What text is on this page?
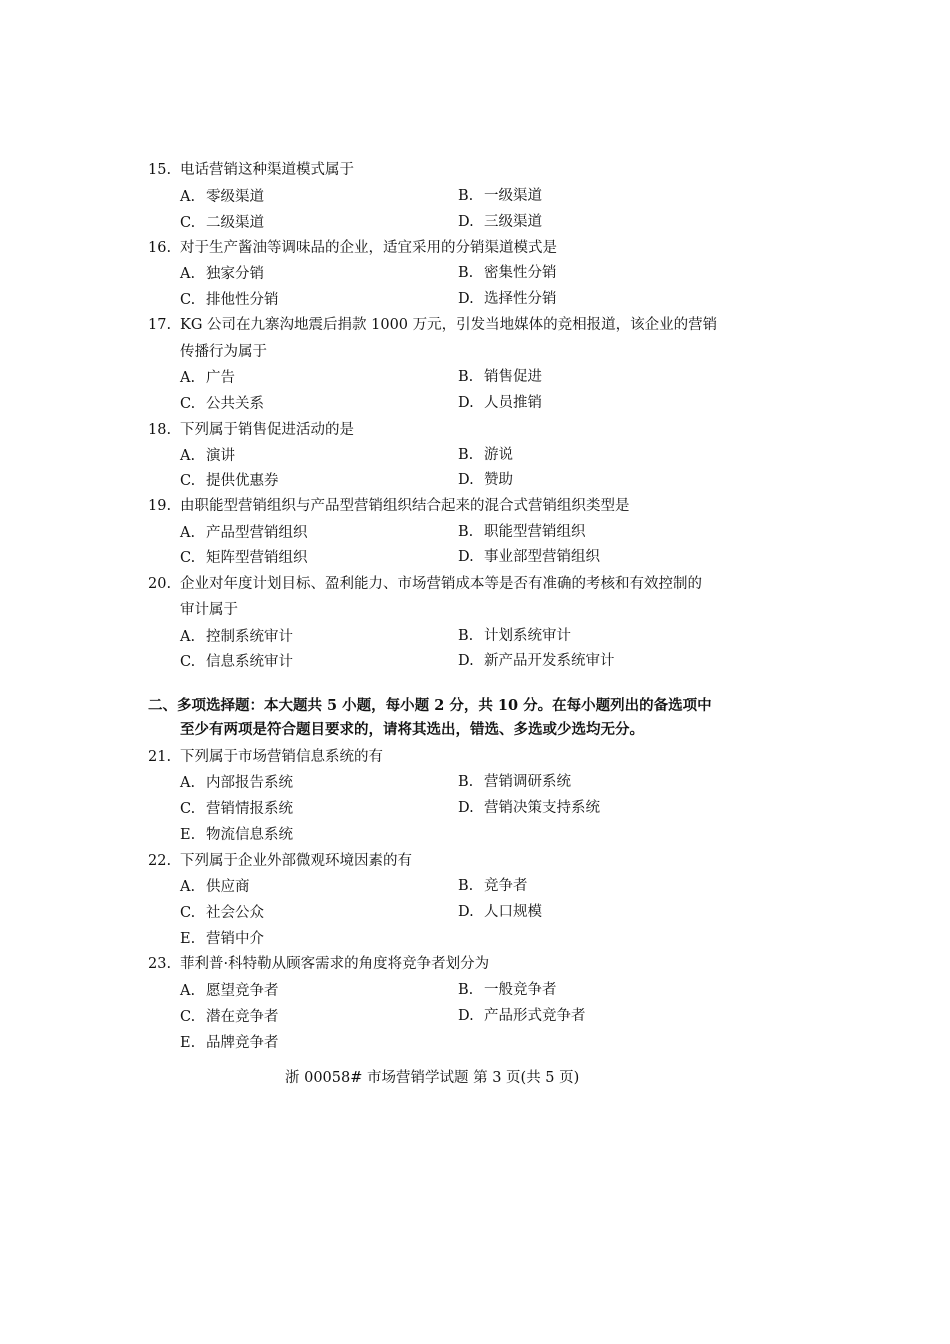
15. 电话营销这种渠道模式属于
A. 零级渠道	B. 一级渠道
C. 二级渠道	D. 三级渠道
16. 对于生产酱油等调味品的企业，适宜采用的分销渠道模式是
A. 独家分销	B. 密集性分销
C. 排他性分销	D. 选择性分销
17. KG 公司在九寨沟地震后捐款 1000 万元，引发当地媒体的竞相报道，该企业的营销
传播行为属于
A. 广告	B. 销售促进
C. 公共关系	D. 人员推销
18. 下列属于销售促进活动的是
A. 演讲	B. 游说
C. 提供优惠券	D. 赞助
19. 由职能型营销组织与产品型营销组织结合起来的混合式营销组织类型是
A. 产品型营销组织	B. 职能型营销组织
C. 矩阵型营销组织	D. 事业部型营销组织
20. 企业对年度计划目标、盈利能力、市场营销成本等是否有准确的考核和有效控制的
审计属于
A. 控制系统审计	B. 计划系统审计
C. 信息系统审计	D. 新产品开发系统审计
二、多项选择题：本大题共 5 小题，每小题 2 分，共 10 分。在每小题列出的备选项中
至少有两项是符合题目要求的，请将其选出，错选、多选或少选均无分。
21. 下列属于市场营销信息系统的有
A. 内部报告系统	B. 营销调研系统
C. 营销情报系统	D. 营销决策支持系统
E. 物流信息系统
22. 下列属于企业外部微观环境因素的有
A. 供应商	B. 竞争者
C. 社会公众	D. 人口规模
E. 营销中介
23. 菲利普·科特勒从顾客需求的角度将竞争者划分为
A. 愿望竞争者	B. 一般竞争者
C. 潜在竞争者	D. 产品形式竞争者
E. 品牌竞争者
浙 00058# 市场营销学试题 第 3 页(共 5 页)
